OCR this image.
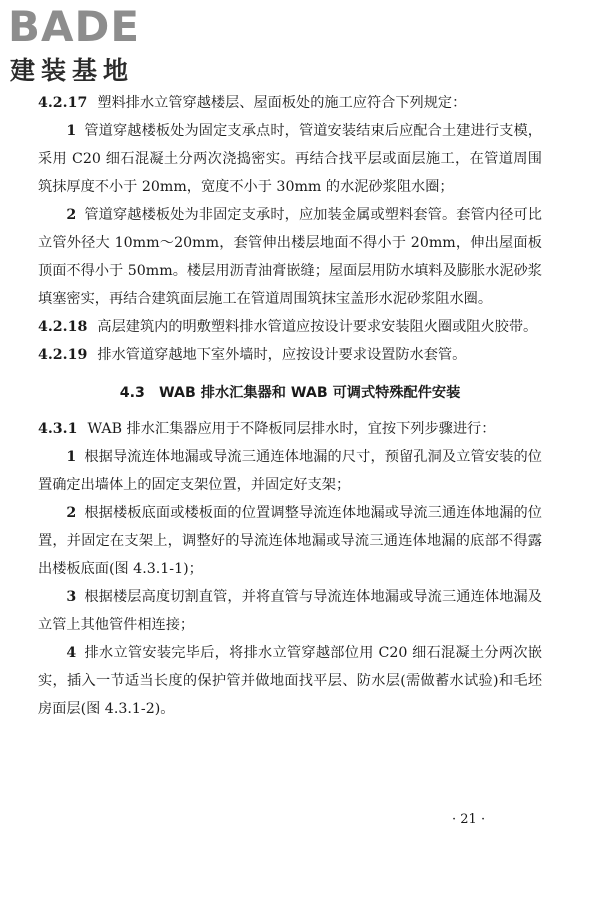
BADE
建装基地

4.2.17 塑料排水立管穿越楼层、屋面板处的施工应符合下列规定：

1 管道穿越楼板处为固定支承点时，管道安装结束后应配合土建进行支模，采用 C20 细石混凝土分两次浇捣密实。再结合找平层或面层施工，在管道周围筑抹厚度不小于 20mm，宽度不小于 30mm 的水泥砂浆阻水圈；

2 管道穿越楼板处为非固定支承时，应加装金属或塑料套管。套管内径可比立管外径大 10mm～20mm，套管伸出楼层地面不得小于 20mm，伸出屋面板顶面不得小于 50mm。楼层用沥青油膏嵌缝；屋面层用防水填料及膨胀水泥砂浆填塞密实，再结合建筑面层施工在管道周围筑抹宝盖形水泥砂浆阻水圈。

4.2.18 高层建筑内的明敷塑料排水管道应按设计要求安装阻火圈或阻火胶带。

4.2.19 排水管道穿越地下室外墙时，应按设计要求设置防水套管。

4.3　WAB 排水汇集器和 WAB 可调式特殊配件安装

4.3.1 WAB 排水汇集器应用于不降板同层排水时，宜按下列步骤进行：

1 根据导流连体地漏或导流三通连体地漏的尺寸，预留孔洞及立管安装的位置确定出墙体上的固定支架位置，并固定好支架；

2 根据楼板底面或楼板面的位置调整导流连体地漏或导流三通连体地漏的位置，并固定在支架上，调整好的导流连体地漏或导流三通连体地漏的底部不得露出楼板底面(图 4.3.1-1)；

3 根据楼层高度切割直管，并将直管与导流连体地漏或导流三通连体地漏及立管上其他管件相连接；

4 排水立管安装完毕后，将排水立管穿越部位用 C20 细石混凝土分两次嵌实，插入一节适当长度的保护管并做地面找平层、防水层(需做蓄水试验)和毛坯房面层(图 4.3.1-2)。

· 21 ·
